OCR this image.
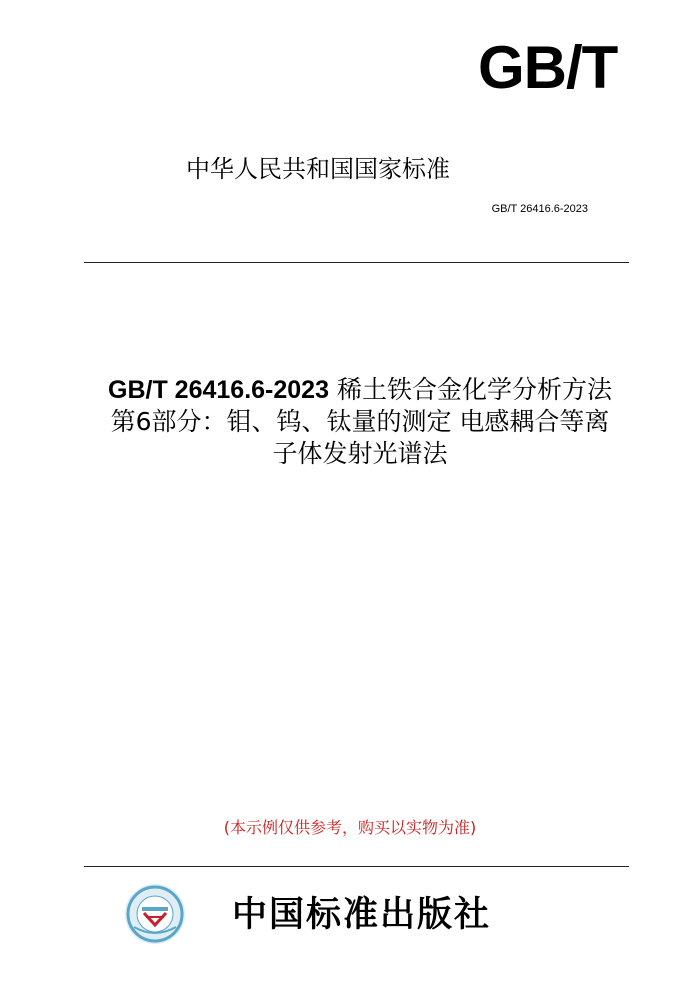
GB/T
中华人民共和国国家标准
GB/T 26416.6-2023
GB/T 26416.6-2023 稀土铁合金化学分析方法
第6部分：钼、钨、钛量的测定 电感耦合等离
子体发射光谱法
(本示例仅供参考，购买以实物为准)
中国标准出版社
